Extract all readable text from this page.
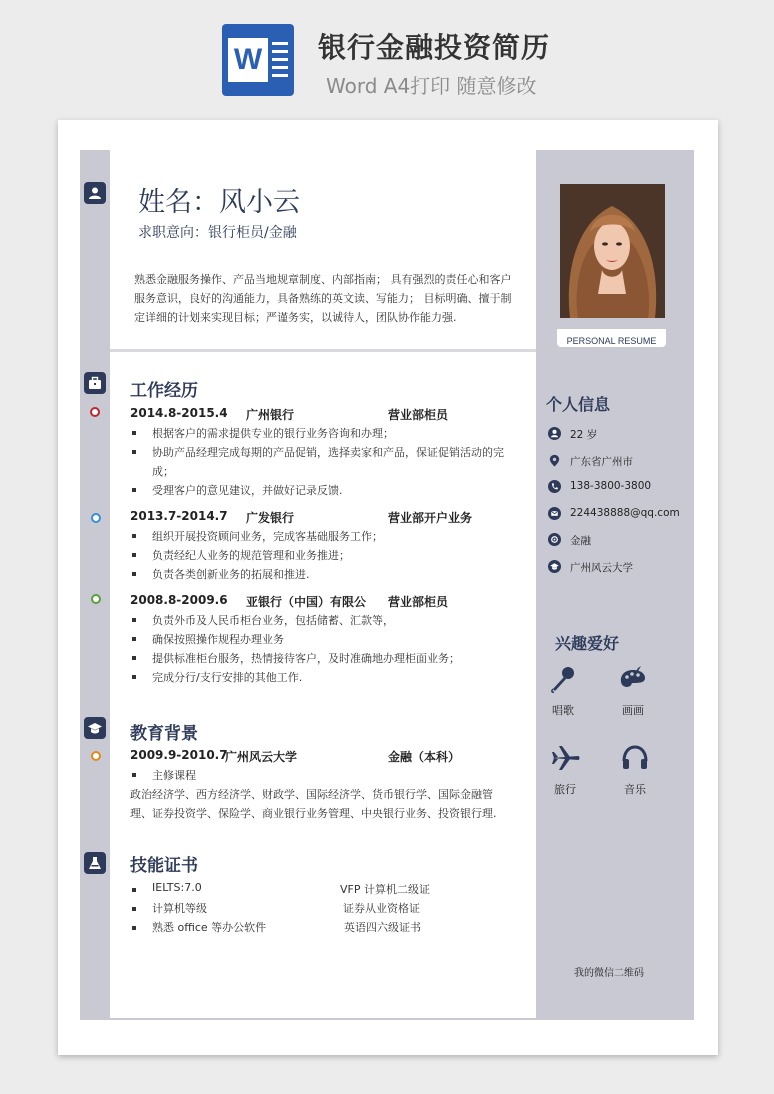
W 银行金融投资简历
Word A4打印 随意修改
姓名：风小云
求职意向：银行柜员/金融
熟悉金融服务操作、产品当地规章制度、内部指南； 具有强烈的责任心和客户服务意识，良好的沟通能力，具备熟练的英文读、写能力； 目标明确、擅于制定详细的计划来实现目标；严谨务实，以诚待人，团队协作能力强.
工作经历
2014.8-2015.4 广州银行	营业部柜员
根据客户的需求提供专业的银行业务咨询和办理；
协助产品经理完成每期的产品促销，选择卖家和产品，保证促销活动的完成；
受理客户的意见建议，并做好记录反馈.
2013.7-2014.7 广发银行	营业部开户业务
组织开展投资顾问业务，完成客基础服务工作；
负责经纪人业务的规范管理和业务推进；
负责各类创新业务的拓展和推进.
2008.8-2009.6 亚银行（中国）有限公 营业部柜员
负责外币及人民币柜台业务，包括储蓄、汇款等，
确保按照操作规程办理业务
提供标准柜台服务，热情接待客户，及时准确地办理柜面业务；
完成分行/支行安排的其他工作.
教育背景
2009.9-2010.7
广州风云大学	金融（本科）
主修课程
政治经济学、西方经济学、财政学、国际经济学、货币银行学、国际金融管理、证券投资学、保险学、商业银行业务管理、中央银行业务、投资银行理.
技能证书
IELTS:7.0	VFP 计算机二级证
计算机等级	证券从业资格证
熟悉 office 等办公软件	英语四六级证书
PERSONAL RESUME
个人信息
22 岁
广东省广州市
138-3800-3800
224438888@qq.com
金融
广州风云大学
兴趣爱好
唱歌	画画
旅行	音乐
我的微信二维码
